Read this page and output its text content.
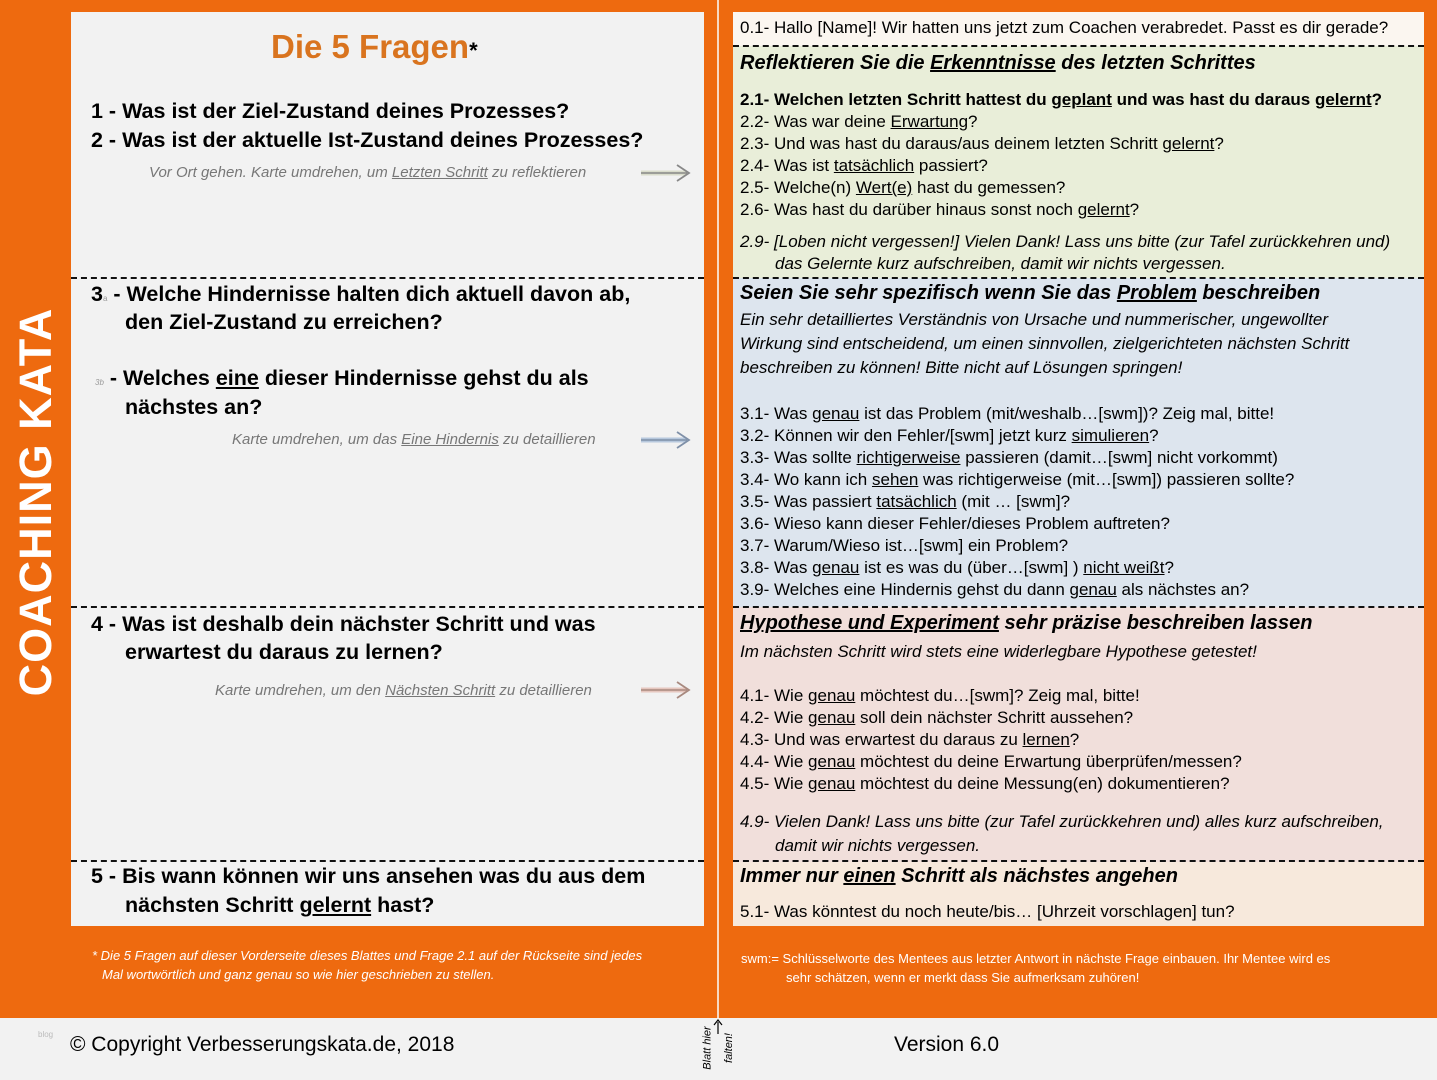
COACHING KATA
Die 5 Fragen*
1 - Was ist der Ziel-Zustand deines Prozesses?
2 - Was ist der aktuelle Ist-Zustand deines Prozesses?
Vor Ort gehen. Karte umdrehen, um Letzten Schritt zu reflektieren
3a - Welche Hindernisse halten dich aktuell davon ab,
den Ziel-Zustand zu erreichen?
3b - Welches eine dieser Hindernisse gehst du als
nächstes an?
Karte umdrehen, um das Eine Hindernis zu detaillieren
4 - Was ist deshalb dein nächster Schritt und was
erwartest du daraus zu lernen?
Karte umdrehen, um den Nächsten Schritt zu detaillieren
5 - Bis wann können wir uns ansehen was du aus dem
nächsten Schritt gelernt hast?
* Die 5 Fragen auf dieser Vorderseite dieses Blattes und Frage 2.1 auf der Rückseite sind jedes
Mal wortwörtlich und ganz genau so wie hier geschrieben zu stellen.
0.1- Hallo [Name]! Wir hatten uns jetzt zum Coachen verabredet. Passt es dir gerade?
Reflektieren Sie die Erkenntnisse des letzten Schrittes
2.1- Welchen letzten Schritt hattest du geplant und was hast du daraus gelernt?
2.2- Was war deine Erwartung?
2.3- Und was hast du daraus/aus deinem letzten Schritt gelernt?
2.4- Was ist tatsächlich passiert?
2.5- Welche(n) Wert(e) hast du gemessen?
2.6- Was hast du darüber hinaus sonst noch gelernt?
2.9- [Loben nicht vergessen!] Vielen Dank! Lass uns bitte (zur Tafel zurückkehren und)
das Gelernte kurz aufschreiben, damit wir nichts vergessen.
Seien Sie sehr spezifisch wenn Sie das Problem beschreiben
Ein sehr detailliertes Verständnis von Ursache und nummerischer, ungewollter
Wirkung sind entscheidend, um einen sinnvollen, zielgerichteten nächsten Schritt
beschreiben zu können! Bitte nicht auf Lösungen springen!
3.1- Was genau ist das Problem (mit/weshalb…[swm])? Zeig mal, bitte!
3.2- Können wir den Fehler/[swm] jetzt kurz simulieren?
3.3- Was sollte richtigerweise passieren (damit…[swm] nicht vorkommt)
3.4- Wo kann ich sehen was richtigerweise (mit…[swm]) passieren sollte?
3.5- Was passiert tatsächlich (mit … [swm]?
3.6- Wieso kann dieser Fehler/dieses Problem auftreten?
3.7- Warum/Wieso ist…[swm] ein Problem?
3.8- Was genau ist es was du (über…[swm] ) nicht weißt?
3.9- Welches eine Hindernis gehst du dann genau als nächstes an?
Hypothese und Experiment sehr präzise beschreiben lassen
Im nächsten Schritt wird stets eine widerlegbare Hypothese getestet!
4.1- Wie genau möchtest du…[swm]? Zeig mal, bitte!
4.2- Wie genau soll dein nächster Schritt aussehen?
4.3- Und was erwartest du daraus zu lernen?
4.4- Wie genau möchtest du deine Erwartung überprüfen/messen?
4.5- Wie genau möchtest du deine Messung(en) dokumentieren?
4.9- Vielen Dank! Lass uns bitte (zur Tafel zurückkehren und) alles kurz aufschreiben,
damit wir nichts vergessen.
Immer nur einen Schritt als nächstes angehen
5.1- Was könntest du noch heute/bis… [Uhrzeit vorschlagen] tun?
swm:= Schlüsselworte des Mentees aus letzter Antwort in nächste Frage einbauen. Ihr Mentee wird es
sehr schätzen, wenn er merkt dass Sie aufmerksam zuhören!
blog © Copyright Verbesserungskata.de, 2018	Version 6.0
Blatt hier falten!
